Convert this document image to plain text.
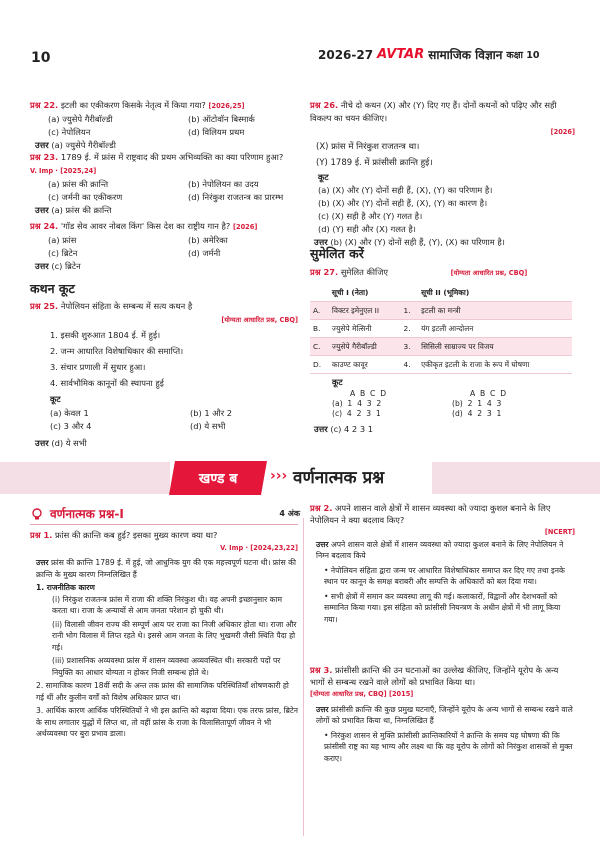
10	2026-27 AVTAR सामाजिक विज्ञान कक्षा 10
प्रश्न 22. इटली का एकीकरण किसके नेतृत्व में किया गया? [2026,25]
(a) ज्युसेपे गैरीबॉल्डी	(b) ऑटोवॉन बिस्मार्क
(c) नेपोलियन	(d) विलियम प्रथम
उत्तर (a) ज्युसेपे गैरीबॉल्डी
प्रश्न 23. 1789 ई. में फ्रांस में राष्ट्रवाद की प्रथम अभिव्यक्ति का क्या परिणाम हुआ? V. Imp · [2025,24]
(a) फ्रांस की क्रान्ति	(b) नेपोलियन का उदय
(c) जर्मनी का एकीकरण	(d) निरंकुश राजतन्त्र का प्रारम्भ
उत्तर (a) फ्रांस की क्रान्ति
प्रश्न 24. 'गॉड सेव आवर नोबल किंग' किस देश का राष्ट्रीय गान है? [2026]
(a) फ्रांस	(b) अमेरिका
(c) ब्रिटेन	(d) जर्मनी
उत्तर (c) ब्रिटेन
कथन कूट
प्रश्न 25. नेपोलियन संहिता के सम्बन्ध में सत्य कथन है
[योग्यता आधारित प्रश्न, CBQ]
1. इसकी शुरुआत 1804 ई. में हुई।
2. जन्म आधारित विशेषाधिकार की समाप्ति।
3. संचार प्रणाली में सुधार हुआ।
4. सार्वभौमिक कानूनों की स्थापना हुई
कूट
(a) केवल 1	(b) 1 और 2
(c) 3 और 4	(d) ये सभी
उत्तर (d) ये सभी
प्रश्न 26. नीचे दो कथन (X) और (Y) दिए गए हैं। दोनों कथनों को पढ़िए और सही विकल्प का चयन कीजिए।
[2026]
(X) फ्रांस में निरंकुश राजतन्त्र था।
(Y) 1789 ई. में फ्रांसीसी क्रान्ति हुई।
कूट
(a) (X) और (Y) दोनों सही हैं, (X), (Y) का परिणाम है।
(b) (X) और (Y) दोनों सही हैं, (X), (Y) का कारण है।
(c) (X) सही है और (Y) गलत है।
(d) (Y) सही और (X) गलत है।
उत्तर (b) (X) और (Y) दोनों सही हैं, (Y), (X) का परिणाम है।
सुमेलित करें
प्रश्न 27. सुमेलित कीजिए	[योग्यता आधारित प्रश्न, CBQ]
	सूची I (नेता)		सूची II (भूमिका)
A.	विक्टर इमेनुएल II	1.	इटली का मन्त्री
B.	ज्युसेपे मेत्सिनी	2.	यंग इटली आन्दोलन
C.	ज्युसेपे गैरीबॉल्डी	3.	सिसिली साम्राज्य पर विजय
D.	काउण्ट कावूर	4.	एकीकृत इटली के राजा के रूप में घोषणा
कूट
A  B  C  D	A  B  C  D
(a)  1  4  3  2	(b)  2  1  4  3
(c)  4  2  3  1	(d)  4  2  3  1
उत्तर (c) 4 2 3 1
खण्ड ब ››› वर्णनात्मक प्रश्न
वर्णनात्मक प्रश्न-I	4 अंक
प्रश्न 1. फ्रांस की क्रान्ति कब हुई? इसका मुख्य कारण क्या था?
V. Imp · [2024,23,22]
उत्तर फ्रांस की क्रान्ति 1789 ई. में हुई, जो आधुनिक युग की एक महत्त्वपूर्ण घटना थी। फ्रांस की क्रान्ति के मुख्य कारण निम्नलिखित हैं
1. राजनीतिक कारण
(i) निरंकुश राजतन्त्र फ्रांस में राजा की शक्ति निरंकुश थी। वह अपनी इच्छानुसार काम करता था। राजा के अन्यायों से आम जनता परेशान हो चुकी थी।
(ii) विलासी जीवन राज्य की सम्पूर्ण आय पर राजा का निजी अधिकार होता था। राजा और रानी भोग विलास में लिप्त रहते थे। इससे आम जनता के लिए भुखमरी जैसी स्थिति पैदा हो गई।
(iii) प्रशासनिक अव्यवस्था फ्रांस में शासन व्यवस्था अव्यवस्थित थी। सरकारी पदों पर नियुक्ति का आधार योग्यता न होकर निजी सम्बन्ध होते थे।
2. सामाजिक कारण 18वीं सदी के अन्त तक फ्रांस की सामाजिक परिस्थितियाँ शोषणकारी हो गई थीं और कुलीन वर्गों को विशेष अधिकार प्राप्त था।
3. आर्थिक कारण आर्थिक परिस्थितियों ने भी इस क्रान्ति को बढ़ावा दिया। एक तरफ फ्रांस, ब्रिटेन के साथ लगातार युद्धों में लिप्त था, तो वहीं फ्रांस के राजा के विलासितापूर्ण जीवन ने भी अर्थव्यवस्था पर बुरा प्रभाव डाला।
प्रश्न 2. अपने शासन वाले क्षेत्रों में शासन व्यवस्था को ज्यादा कुशल बनाने के लिए नेपोलियन ने क्या बदलाव किए?
[NCERT]
उत्तर अपने शासन वाले क्षेत्रों में शासन व्यवस्था को ज्यादा कुशल बनाने के लिए नेपोलियन ने निम्न बदलाव किये
• नेपोलियन संहिता द्वारा जन्म पर आधारित विशेषाधिकार समाप्त कर दिए गए तथा इनके स्थान पर कानून के समक्ष बराबरी और सम्पत्ति के अधिकारों को बल दिया गया।
• सभी क्षेत्रों में समान कर व्यवस्था लागू की गई। कलाकारों, विद्वानों और देशभक्तों को सम्मानित किया गया। इस संहिता को फ्रांसीसी नियन्त्रण के अधीन क्षेत्रों में भी लागू किया गया।
प्रश्न 3. फ्रांसीसी क्रान्ति की उन घटनाओं का उल्लेख कीजिए, जिन्होंने यूरोप के अन्य भागों से सम्बन्ध रखने वाले लोगों को प्रभावित किया था। [योग्यता आधारित प्रश्न, CBQ] [2015]
उत्तर फ्रांसीसी क्रान्ति की कुछ प्रमुख घटनाएँ, जिन्होंने यूरोप के अन्य भागों से सम्बन्ध रखने वाले लोगों को प्रभावित किया था, निम्नलिखित हैं
• निरंकुश शासन से मुक्ति फ्रांसीसी क्रान्तिकारियों ने क्रान्ति के समय यह घोषणा की कि फ्रांसीसी राष्ट्र का यह भाग्य और लक्ष्य था कि वह यूरोप के लोगों को निरंकुश शासकों से मुक्त कराए।
